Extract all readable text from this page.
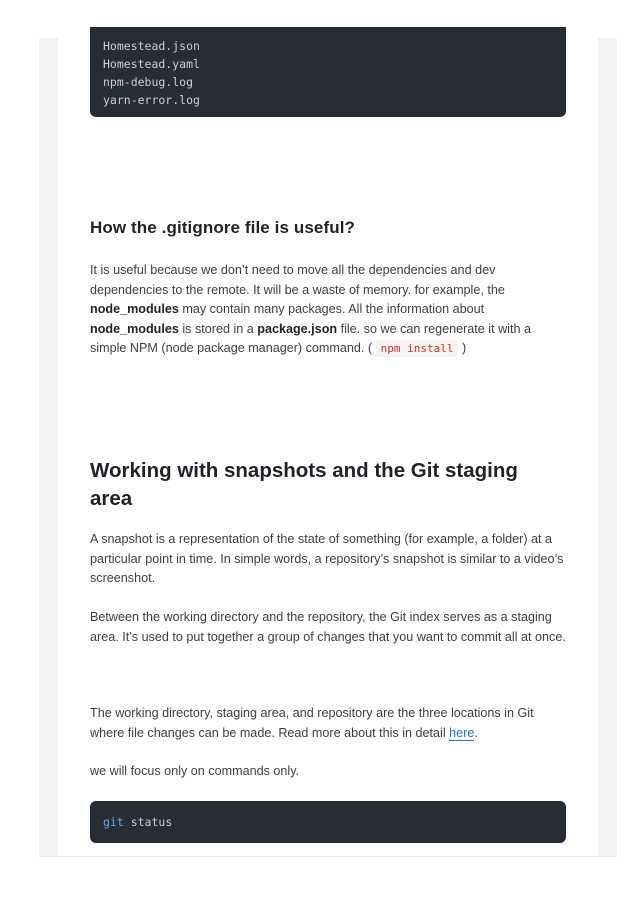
Homestead.json
Homestead.yaml
npm-debug.log
yarn-error.log
How the .gitignore file is useful?

It is useful because we don’t need to move all the dependencies and dev dependencies to the remote. It will be a waste of memory. for example, the node_modules may contain many packages. All the information about node_modules is stored in a package.json file. so we can regenerate it with a simple NPM (node package manager) command. ( npm install )

Working with snapshots and the Git staging area

A snapshot is a representation of the state of something (for example, a folder) at a particular point in time. In simple words, a repository’s snapshot is similar to a video’s screenshot.

Between the working directory and the repository, the Git index serves as a staging area. It’s used to put together a group of changes that you want to commit all at once.

The working directory, staging area, and repository are the three locations in Git where file changes can be made. Read more about this in detail here.

we will focus only on commands only.

git status
